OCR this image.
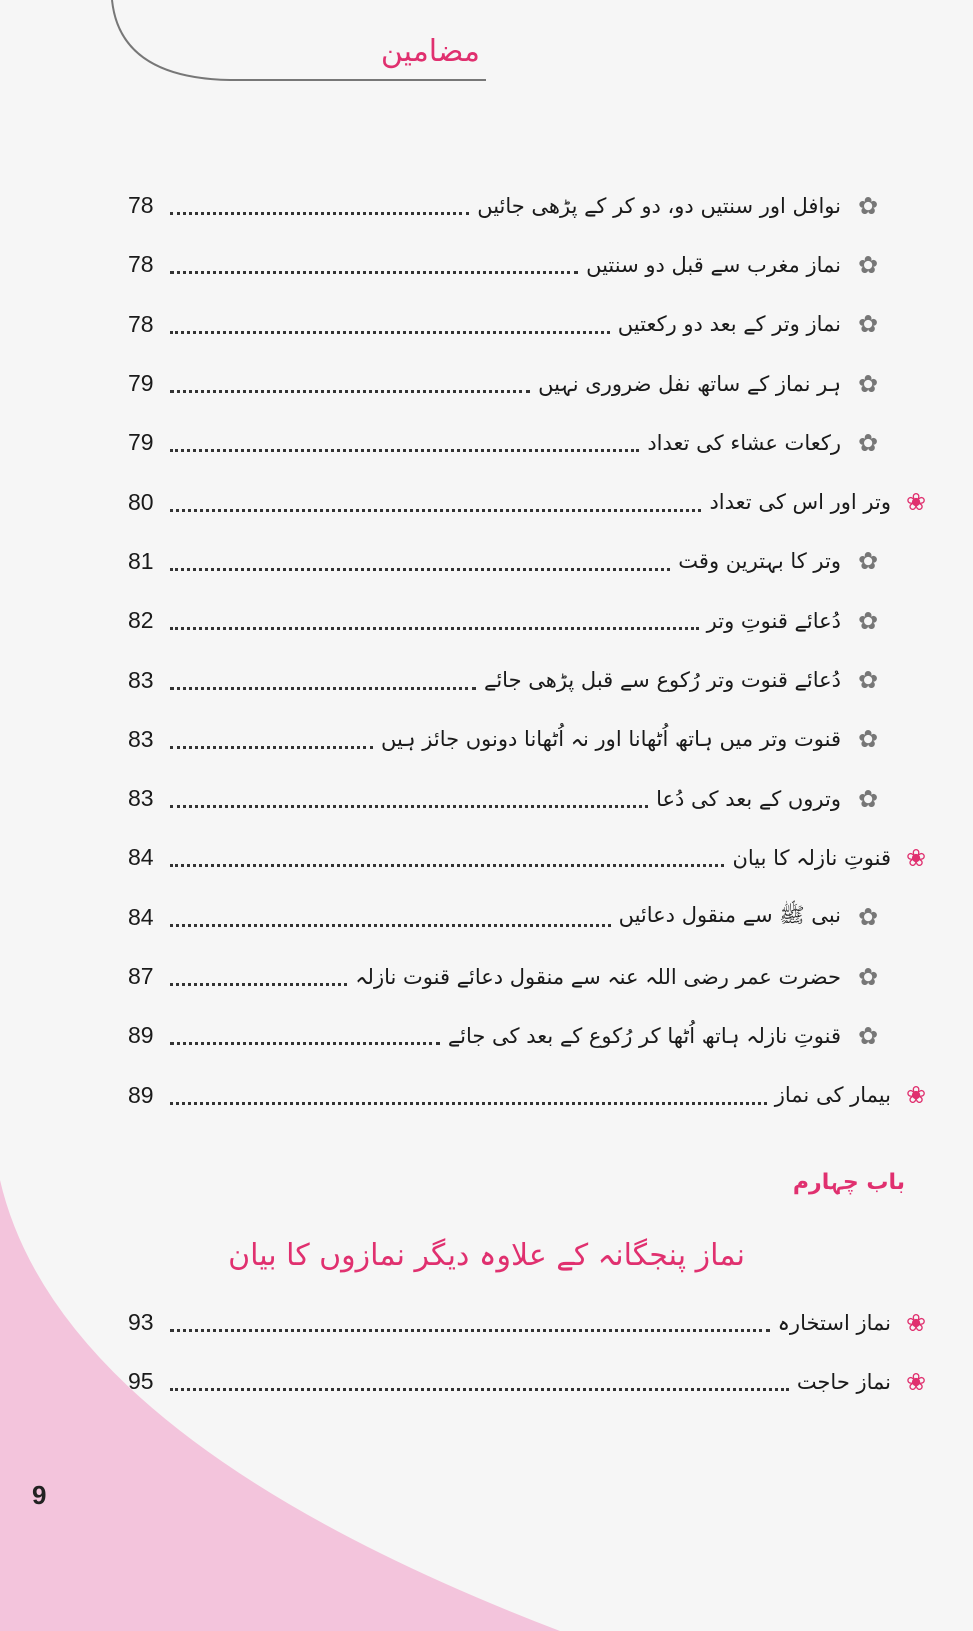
مضامین
78	نوافل اور سنتیں دو، دو کر کے پڑھی جائیں ✿
78	نماز مغرب سے قبل دو سنتیں ✿
78	نماز وتر کے بعد دو رکعتیں ✿
79	ہر نماز کے ساتھ نفل ضروری نہیں ✿
79	رکعات عشاء کی تعداد ✿
80	وتر اور اس کی تعداد ❀
81	وتر کا بہترین وقت ✿
82	دُعائے قنوتِ وتر ✿
83	دُعائے قنوت وتر رُکوع سے قبل پڑھی جائے ✿
83	قنوت وتر میں ہاتھ اُٹھانا اور نہ اُٹھانا دونوں جائز ہیں ✿
83	وتروں کے بعد کی دُعا ✿
84	قنوتِ نازلہ کا بیان ❀
84	نبی ﷺ سے منقول دعائیں ✿
87	حضرت عمر رضی اللہ عنہ سے منقول دعائے قنوت نازلہ ✿
89	قنوتِ نازلہ ہاتھ اُٹھا کر رُکوع کے بعد کی جائے ✿
89	بیمار کی نماز ❀
باب چہارم
نماز پنجگانہ کے علاوہ دیگر نمازوں کا بیان
93	نماز استخارہ ❀
95	نماز حاجت ❀
9
